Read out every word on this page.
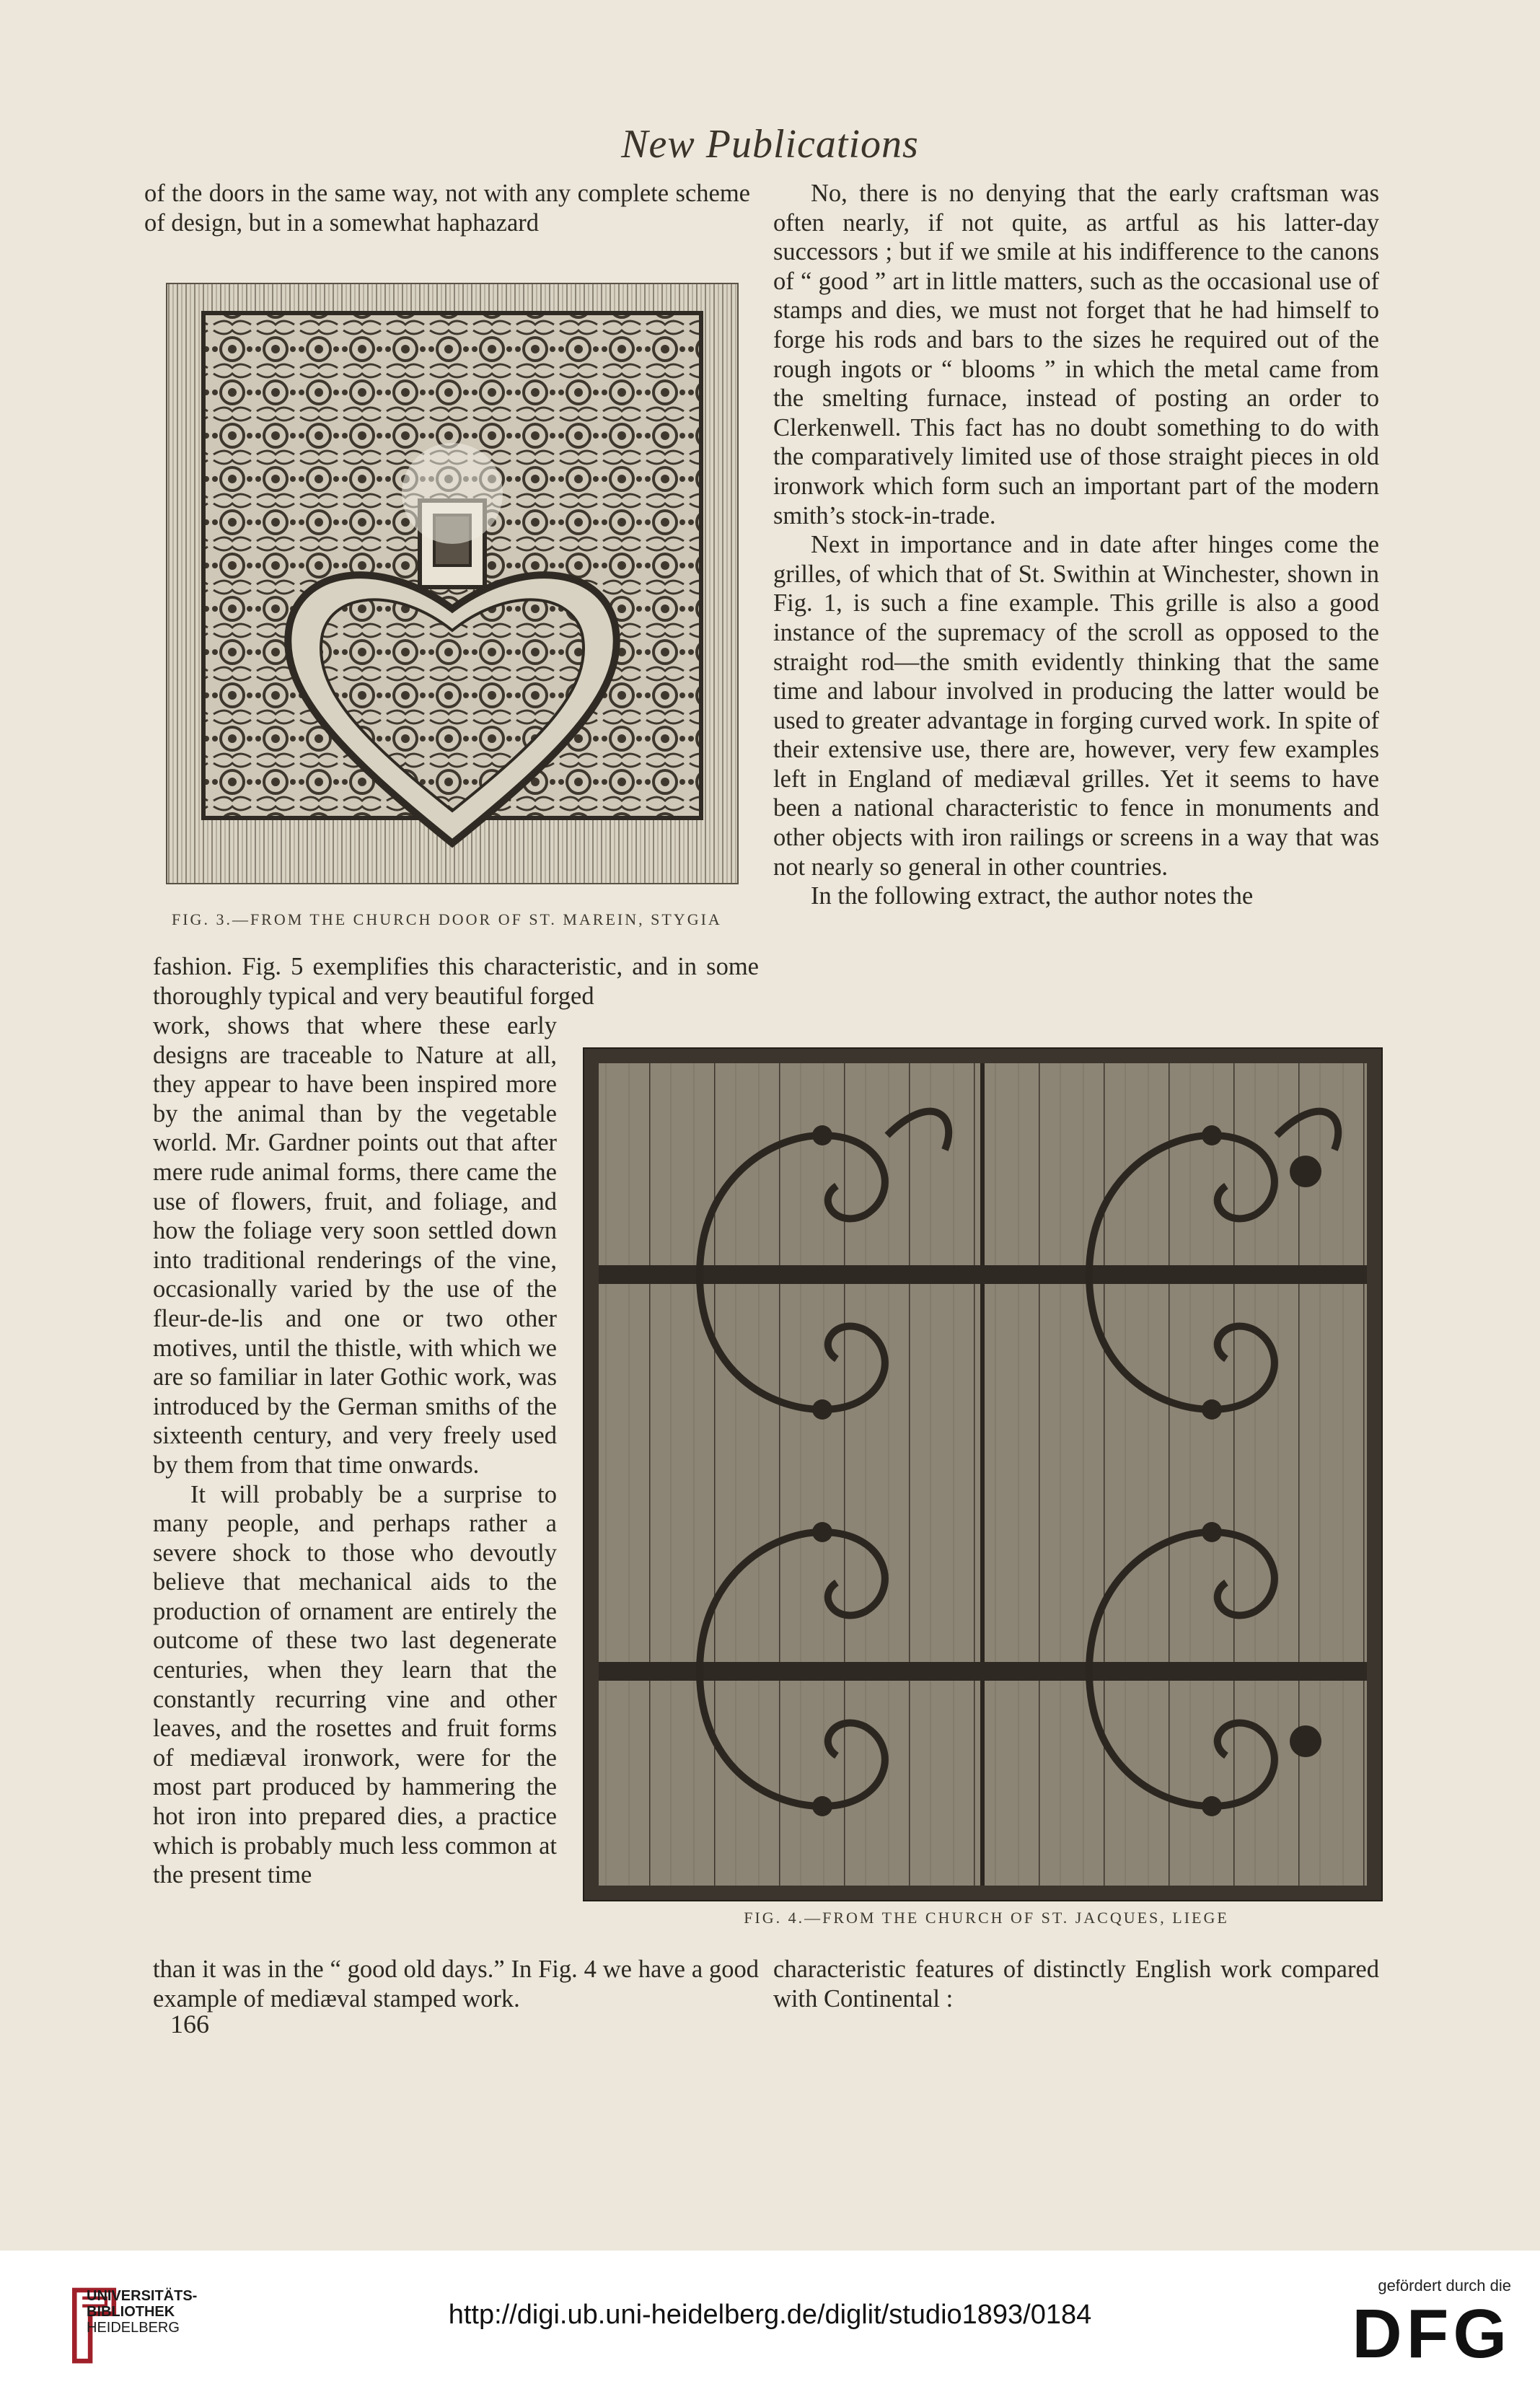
New Publications

of the doors in the same way, not with any complete scheme of design, but in a somewhat haphazard

FIG. 3.—FROM THE CHURCH DOOR OF ST. MAREIN, STYGIA

No, there is no denying that the early craftsman was often nearly, if not quite, as artful as his latter-day successors ; but if we smile at his indifference to the canons of “ good ” art in little matters, such as the occasional use of stamps and dies, we must not forget that he had himself to forge his rods and bars to the sizes he required out of the rough ingots or “ blooms ” in which the metal came from the smelting furnace, instead of posting an order to Clerkenwell. This fact has no doubt something to do with the comparatively limited use of those straight pieces in old ironwork which form such an important part of the modern smith’s stock-in-trade.

Next in importance and in date after hinges come the grilles, of which that of St. Swithin at Winchester, shown in Fig. 1, is such a fine example. This grille is also a good instance of the supremacy of the scroll as opposed to the straight rod—the smith evidently thinking that the same time and labour involved in producing the latter would be used to greater advantage in forging curved work. In spite of their extensive use, there are, however, very few examples left in England of mediæval grilles. Yet it seems to have been a national characteristic to fence in monuments and other objects with iron railings or screens in a way that was not nearly so general in other countries.

In the following extract, the author notes the

fashion. Fig. 5 exemplifies this characteristic, and in some thoroughly typical and very beautiful forged

work, shows that where these early designs are traceable to Nature at all, they appear to have been inspired more by the animal than by the vegetable world. Mr. Gardner points out that after mere rude animal forms, there came the use of flowers, fruit, and foliage, and how the foliage very soon settled down into traditional renderings of the vine, occasionally varied by the use of the fleur-de-lis and one or two other motives, until the thistle, with which we are so familiar in later Gothic work, was introduced by the German smiths of the sixteenth century, and very freely used by them from that time onwards.

It will probably be a surprise to many people, and perhaps rather a severe shock to those who devoutly believe that mechanical aids to the production of ornament are entirely the outcome of these two last degenerate centuries, when they learn that the constantly recurring vine and other leaves, and the rosettes and fruit forms of mediæval ironwork, were for the most part produced by hammering the hot iron into prepared dies, a practice which is probably much less common at the present time

FIG. 4.—FROM THE CHURCH OF ST. JACQUES, LIEGE

than it was in the “ good old days.” In Fig. 4 we have a good example of mediæval stamped work.

characteristic features of distinctly English work compared with Continental :

166
UNIVERSITÄTS-
BIBLIOTHEK
HEIDELBERG	http://digi.ub.uni-heidelberg.de/diglit/studio1893/0184
gefördert durch die
DFG
